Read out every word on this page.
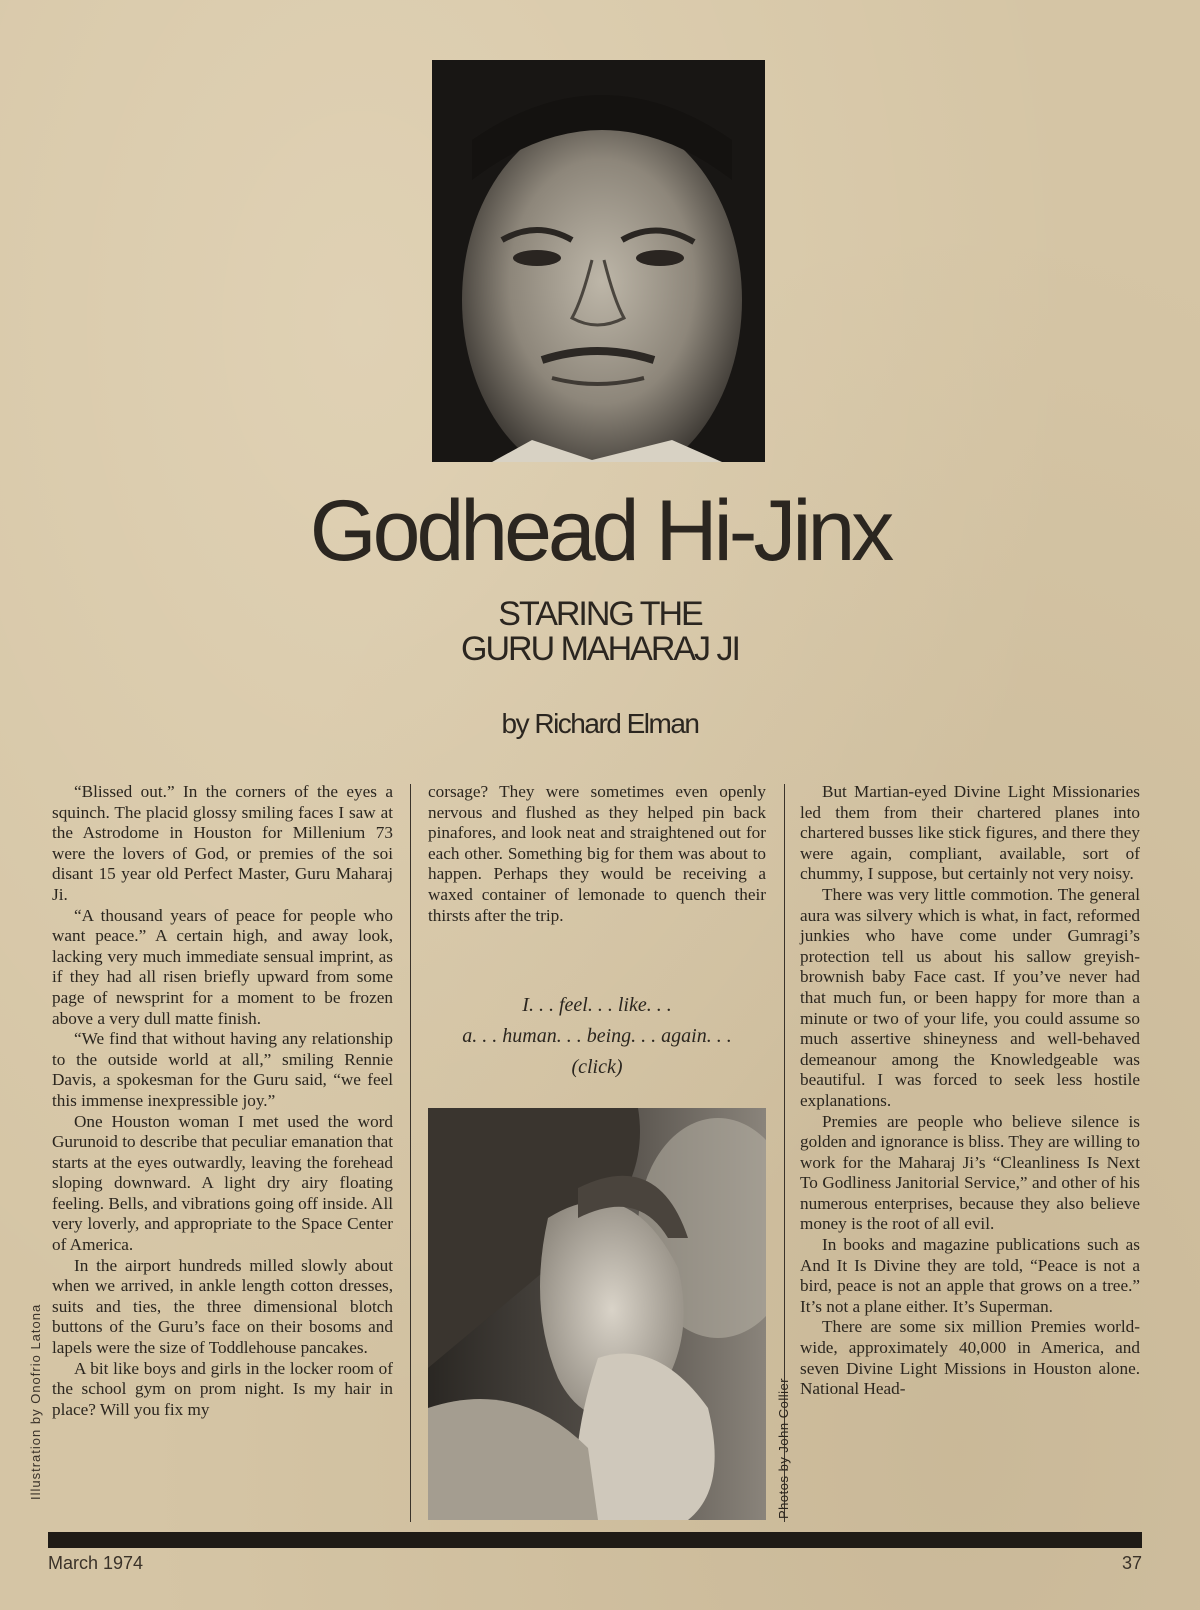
Godhead Hi-Jinx
STARING THE
GURU MAHARAJ JI
by Richard Elman

“Blissed out.” In the corners of the eyes a squinch. The placid glossy smiling faces I saw at the Astrodome in Houston for Millenium 73 were the lovers of God, or premies of the soi disant 15 year old Perfect Master, Guru Maharaj Ji.

“A thousand years of peace for people who want peace.” A certain high, and away look, lacking very much immediate sensual imprint, as if they had all risen briefly upward from some page of newsprint for a moment to be frozen above a very dull matte finish.

“We find that without having any relationship to the outside world at all,” smiling Rennie Davis, a spokesman for the Guru said, “we feel this immense inexpressible joy.”

One Houston woman I met used the word Gurunoid to describe that peculiar emanation that starts at the eyes outwardly, leaving the forehead sloping downward. A light dry airy floating feeling. Bells, and vibrations going off inside. All very loverly, and appropriate to the Space Center of America.

In the airport hundreds milled slowly about when we arrived, in ankle length cotton dresses, suits and ties, the three dimensional blotch buttons of the Guru’s face on their bosoms and lapels were the size of Toddlehouse pancakes.

A bit like boys and girls in the locker room of the school gym on prom night. Is my hair in place? Will you fix my

corsage? They were sometimes even openly nervous and flushed as they helped pin back pinafores, and look neat and straightened out for each other. Something big for them was about to happen. Perhaps they would be receiving a waxed container of lemonade to quench their thirsts after the trip.

I. . . feel. . . like. . .
a. . . human. . . being. . . again. . .
(click)
Photos by John Collier

But Martian-eyed Divine Light Missionaries led them from their chartered planes into chartered busses like stick figures, and there they were again, compliant, available, sort of chummy, I suppose, but certainly not very noisy.

There was very little commotion. The general aura was silvery which is what, in fact, reformed junkies who have come under Gumragi’s protection tell us about his sallow greyish-brownish baby Face cast. If you’ve never had that much fun, or been happy for more than a minute or two of your life, you could assume so much assertive shineyness and well-behaved demeanour among the Knowledgeable was beautiful. I was forced to seek less hostile explanations.

Premies are people who believe silence is golden and ignorance is bliss. They are willing to work for the Maharaj Ji’s “Cleanliness Is Next To Godliness Janitorial Service,” and other of his numerous enterprises, because they also believe money is the root of all evil.

In books and magazine publications such as And It Is Divine they are told, “Peace is not a bird, peace is not an apple that grows on a tree.” It’s not a plane either. It’s Superman.

There are some six million Premies world-wide, approximately 40,000 in America, and seven Divine Light Missions in Houston alone. National Head-

Illustration by Onofrio Latona
March 1974	37
